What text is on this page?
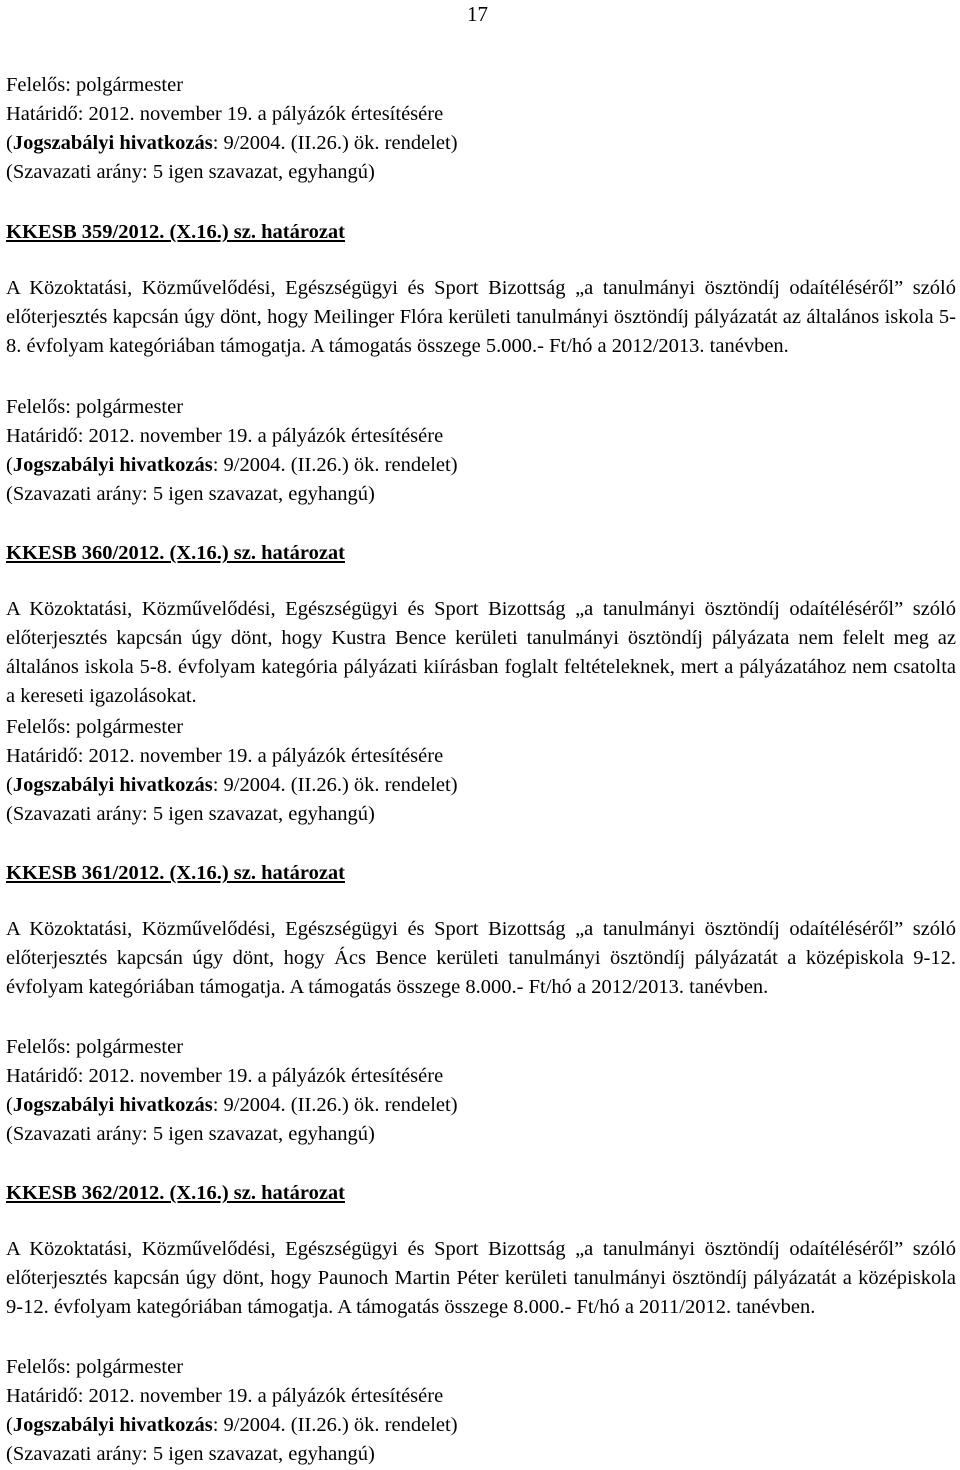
17
Felelős: polgármester
Határidő: 2012. november 19. a pályázók értesítésére
(Jogszabályi hivatkozás: 9/2004. (II.26.) ök. rendelet)
(Szavazati arány: 5 igen szavazat, egyhangú)
KKESB 359/2012. (X.16.) sz. határozat
A Közoktatási, Közművelődési, Egészségügyi és Sport Bizottság „a tanulmányi ösztöndíj odaítéléséről” szóló előterjesztés kapcsán úgy dönt, hogy Meilinger Flóra kerületi tanulmányi ösztöndíj pályázatát az általános iskola 5-8. évfolyam kategóriában támogatja. A támogatás összege 5.000.- Ft/hó a 2012/2013. tanévben.
Felelős: polgármester
Határidő: 2012. november 19. a pályázók értesítésére
(Jogszabályi hivatkozás: 9/2004. (II.26.) ök. rendelet)
(Szavazati arány: 5 igen szavazat, egyhangú)
KKESB 360/2012. (X.16.) sz. határozat
A Közoktatási, Közművelődési, Egészségügyi és Sport Bizottság „a tanulmányi ösztöndíj odaítéléséről” szóló előterjesztés kapcsán úgy dönt, hogy Kustra Bence kerületi tanulmányi ösztöndíj pályázata nem felelt meg az általános iskola 5-8. évfolyam kategória pályázati kiírásban foglalt feltételeknek, mert a pályázatához nem csatolta a kereseti igazolásokat.
Felelős: polgármester
Határidő: 2012. november 19. a pályázók értesítésére
(Jogszabályi hivatkozás: 9/2004. (II.26.) ök. rendelet)
(Szavazati arány: 5 igen szavazat, egyhangú)
KKESB 361/2012. (X.16.) sz. határozat
A Közoktatási, Közművelődési, Egészségügyi és Sport Bizottság „a tanulmányi ösztöndíj odaítéléséről” szóló előterjesztés kapcsán úgy dönt, hogy Ács Bence kerületi tanulmányi ösztöndíj pályázatát a középiskola 9-12. évfolyam kategóriában támogatja. A támogatás összege 8.000.- Ft/hó a 2012/2013. tanévben.
Felelős: polgármester
Határidő: 2012. november 19. a pályázók értesítésére
(Jogszabályi hivatkozás: 9/2004. (II.26.) ök. rendelet)
(Szavazati arány: 5 igen szavazat, egyhangú)
KKESB 362/2012. (X.16.) sz. határozat
A Közoktatási, Közművelődési, Egészségügyi és Sport Bizottság „a tanulmányi ösztöndíj odaítéléséről” szóló előterjesztés kapcsán úgy dönt, hogy Paunoch Martin Péter kerületi tanulmányi ösztöndíj pályázatát a középiskola 9-12. évfolyam kategóriában támogatja. A támogatás összege 8.000.- Ft/hó a 2011/2012. tanévben.
Felelős: polgármester
Határidő: 2012. november 19. a pályázók értesítésére
(Jogszabályi hivatkozás: 9/2004. (II.26.) ök. rendelet)
(Szavazati arány: 5 igen szavazat, egyhangú)
